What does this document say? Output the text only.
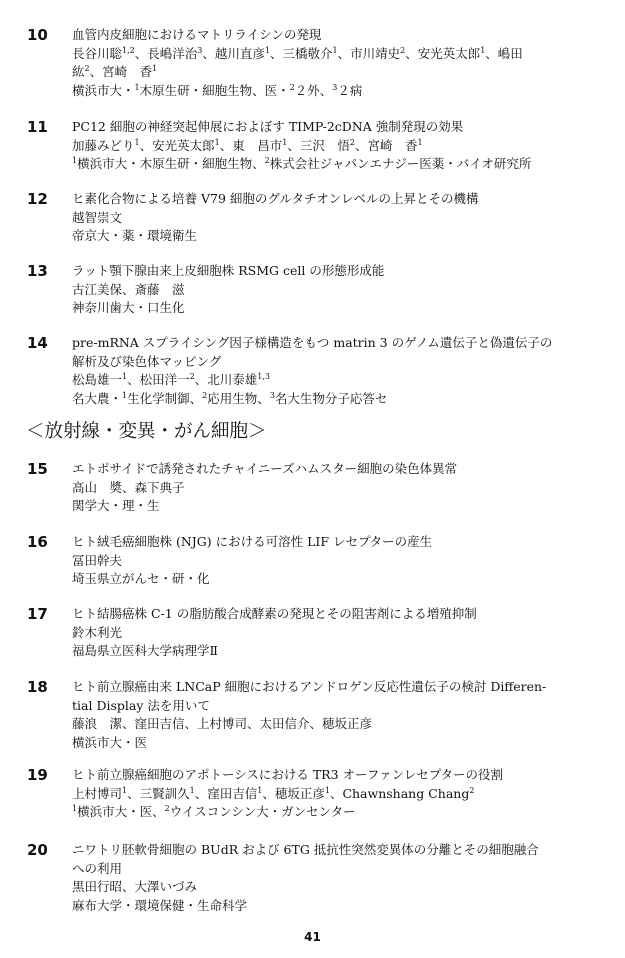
10 血管内皮細胞におけるマトリライシンの発現
長谷川聡$^{1,2}$、長嶋洋治$^3$、越川直彦$^1$、三橋敬介$^1$、市川靖史$^2$、安光英太郎$^1$、嶋田
紘$^2$、宮崎　香$^1$
横浜市大・$^1$木原生研・細胞生物、医・$^2$２外、$^3$２病
11 PC12 細胞の神経突起伸展におよぼす TIMP-2cDNA 強制発現の効果
加藤みどり$^1$、安光英太郎$^1$、東　昌市$^1$、三沢　悟$^2$、宮崎　香$^1$
$^1$横浜市大・木原生研・細胞生物、$^2$株式会社ジャパンエナジー医薬・バイオ研究所
12 ヒ素化合物による培養 V79 細胞のグルタチオンレベルの上昇とその機構
越智崇文
帝京大・薬・環境衛生
13 ラット顎下腺由来上皮細胞株 RSMG cell の形態形成能
古江美保、斎藤　滋
神奈川歯大・口生化
14 pre-mRNA スプライシング因子様構造をもつ matrin 3 のゲノム遺伝子と偽遺伝子の
解析及び染色体マッピング
松島雄一$^1$、松田洋一$^2$、北川泰雄$^{1,3}$
名大農・$^1$生化学制御、$^2$応用生物、$^3$名大生物分子応答セ
15 エトポサイドで誘発されたチャイニーズハムスター細胞の染色体異常
高山　奬、森下典子
関学大・理・生
16 ヒト絨毛癌細胞株 (NJG) における可溶性 LIF レセプターの産生
冨田幹夫
埼玉県立がんセ・研・化
17 ヒト結腸癌株 C-1 の脂肪酸合成酵素の発現とその阻害剤による増殖抑制
鈴木利光
福島県立医科大学病理学Ⅱ
18 ヒト前立腺癌由来 LNCaP 細胞におけるアンドロゲン反応性遺伝子の検討 Differen-
tial Display 法を用いて
藤浪　潔、窪田吉信、上村博司、太田信介、穂坂正彦
横浜市大・医
19 ヒト前立腺癌細胞のアポトーシスにおける TR3 オーファンレセプターの役割
上村博司$^1$、三賢訓久$^1$、窪田吉信$^1$、穂坂正彦$^1$、Chawnshang Chang$^2$
$^1$横浜市大・医、$^2$ウイスコンシン大・ガンセンター
20 ニワトリ胚軟骨細胞の BUdR および 6TG 抵抗性突然変異体の分離とその細胞融合
への利用
黒田行昭、大澤いづみ
麻布大学・環境保健・生命科学
＜放射線・変異・がん細胞＞
41
